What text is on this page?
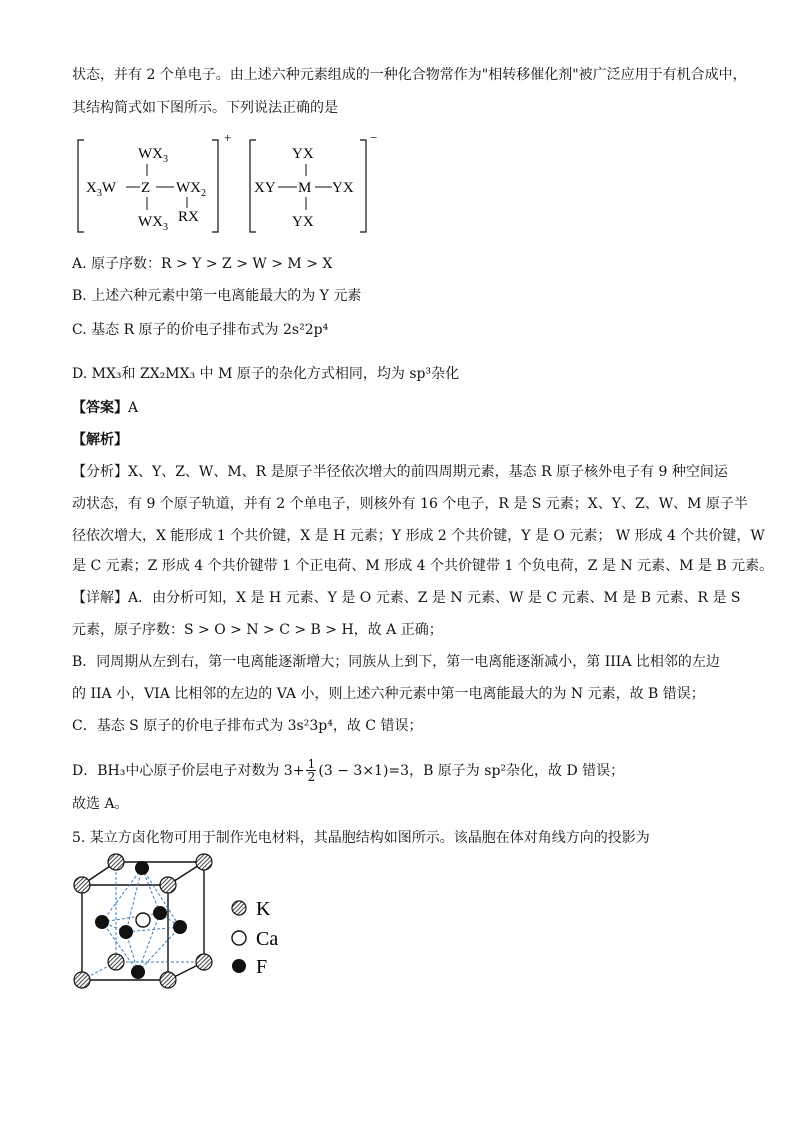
状态，并有 2 个单电子。由上述六种元素组成的一种化合物常作为"相转移催化剂"被广泛应用于有机合成中，
其结构简式如下图所示。下列说法正确的是
+
$WX_3$
$X_3W$ Z $WX_2$
$WX_3$
RX
−
YX
XY M YX
YX
A. 原子序数：R > Y > Z > W > M > X
B. 上述六种元素中第一电离能最大的为 Y 元素
C. 基态 R 原子的价电子排布式为 2s²2p⁴
D. MX₃和 ZX₂MX₃ 中 M 原子的杂化方式相同，均为 sp³杂化
【答案】A
【解析】
【分析】X、Y、Z、W、M、R 是原子半径依次增大的前四周期元素，基态 R 原子核外电子有 9 种空间运
动状态，有 9 个原子轨道，并有 2 个单电子，则核外有 16 个电子，R 是 S 元素；X、Y、Z、W、M 原子半
径依次增大，X 能形成 1 个共价键，X 是 H 元素；Y 形成 2 个共价键，Y 是 O 元素； W 形成 4 个共价键，W
是 C 元素；Z 形成 4 个共价键带 1 个正电荷、M 形成 4 个共价键带 1 个负电荷，Z 是 N 元素、M 是 B 元素。
【详解】A．由分析可知，X 是 H 元素、Y 是 O 元素、Z 是 N 元素、W 是 C 元素、M 是 B 元素、R 是 S
元素，原子序数：S > O > N > C > B > H，故 A 正确；
B．同周期从左到右，第一电离能逐渐增大；同族从上到下，第一电离能逐渐减小，第 IIIA 比相邻的左边
的 IIA 小，VIA 比相邻的左边的 VA 小，则上述六种元素中第一电离能最大的为 N 元素，故 B 错误；
C．基态 S 原子的价电子排布式为 3s²3p⁴，故 C 错误；
D．BH₃中心原子价层电子对数为 3+ 1
2 (3 − 3×1)=3，B 原子为 sp²杂化，故 D 错误；
故选 A。
5. 某立方卤化物可用于制作光电材料，其晶胞结构如图所示。该晶胞在体对角线方向的投影为
K
Ca
F
